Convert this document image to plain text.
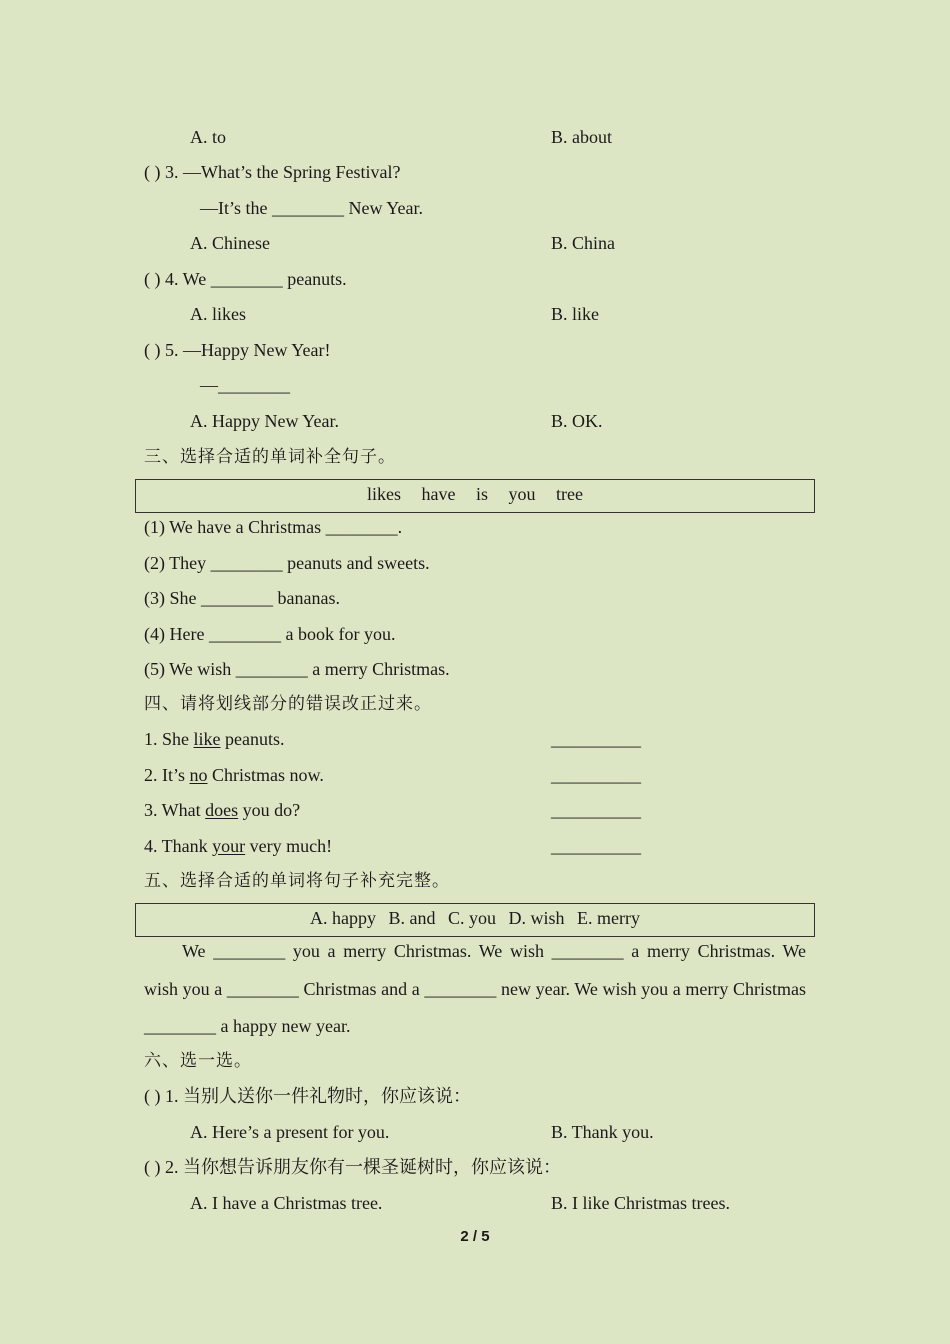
A. to	B. about
( ) 3. —What’s the Spring Festival?
—It’s the ________ New Year.
A. Chinese	B. China
( ) 4. We ________ peanuts.
A. likes	B. like
( ) 5. —Happy New Year!
—________
A. Happy New Year.	B. OK.
三、选择合适的单词补全句子。
likes have is you tree
(1) We have a Christmas ________.
(2) They ________ peanuts and sweets.
(3) She ________ bananas.
(4) Here ________ a book for you.
(5) We wish ________ a merry Christmas.
四、请将划线部分的错误改正过来。
1. She like peanuts.	__________
2. It’s no Christmas now.	__________
3. What does you do?	__________
4. Thank your very much!	__________
五、选择合适的单词将句子补充完整。
A. happy B. and C. you D. wish E. merry
We ________ you a merry Christmas. We wish ________ a merry Christmas. We wish you a ________ Christmas and a ________ new year. We wish you a merry Christmas ________ a happy new year.
六、选一选。
( ) 1. 当别人送你一件礼物时，你应该说：
A. Here’s a present for you.	B. Thank you.
( ) 2. 当你想告诉朋友你有一棵圣诞树时，你应该说：
A. I have a Christmas tree.	B. I like Christmas trees.
2 / 5
